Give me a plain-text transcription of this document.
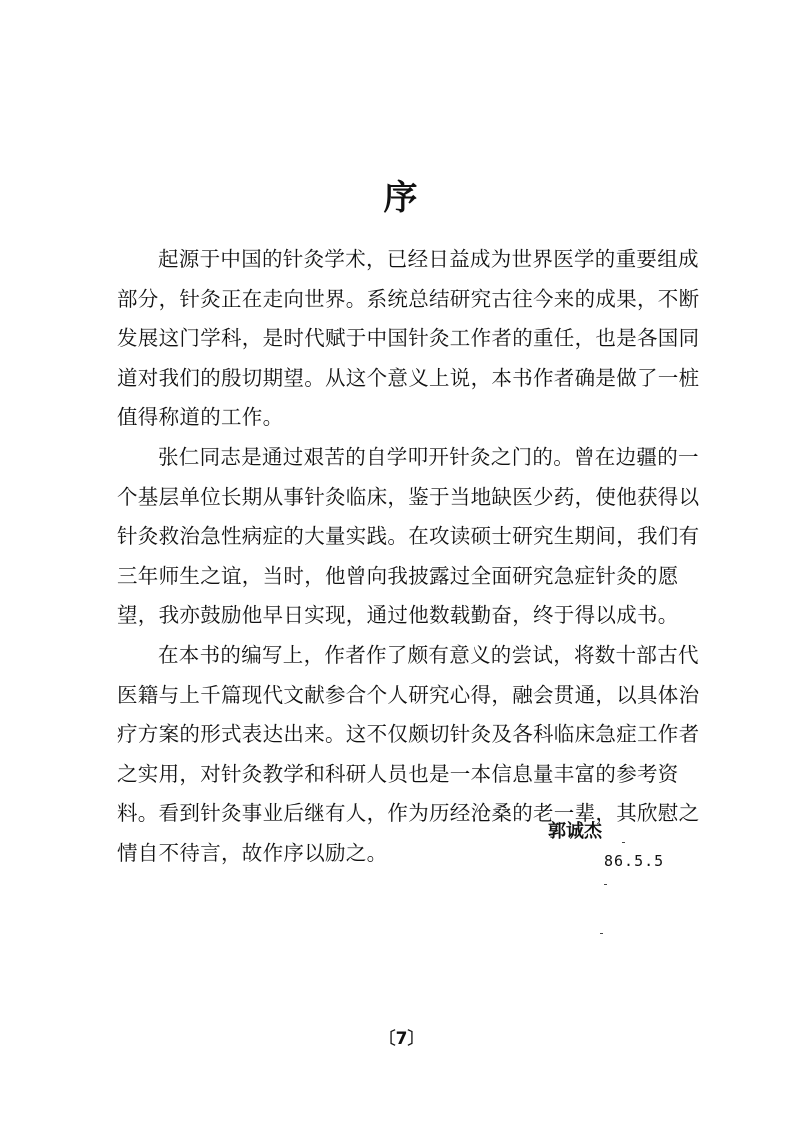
序

起源于中国的针灸学术，已经日益成为世界医学的重要组成部分，针灸正在走向世界。系统总结研究古往今来的成果，不断发展这门学科，是时代赋于中国针灸工作者的重任，也是各国同道对我们的殷切期望。从这个意义上说，本书作者确是做了一桩值得称道的工作。

张仁同志是通过艰苦的自学叩开针灸之门的。曾在边疆的一个基层单位长期从事针灸临床，鉴于当地缺医少药，使他获得以针灸救治急性病症的大量实践。在攻读硕士研究生期间，我们有三年师生之谊，当时，他曾向我披露过全面研究急症针灸的愿望，我亦鼓励他早日实现，通过他数载勤奋，终于得以成书。

在本书的编写上，作者作了颇有意义的尝试，将数十部古代医籍与上千篇现代文献参合个人研究心得，融会贯通，以具体治疗方案的形式表达出来。这不仅颇切针灸及各科临床急症工作者之实用，对针灸教学和科研人员也是一本信息量丰富的参考资料。看到针灸事业后继有人，作为历经沧桑的老一辈，其欣慰之情自不待言，故作序以励之。

郭诚杰
86.5.5
〔7〕
